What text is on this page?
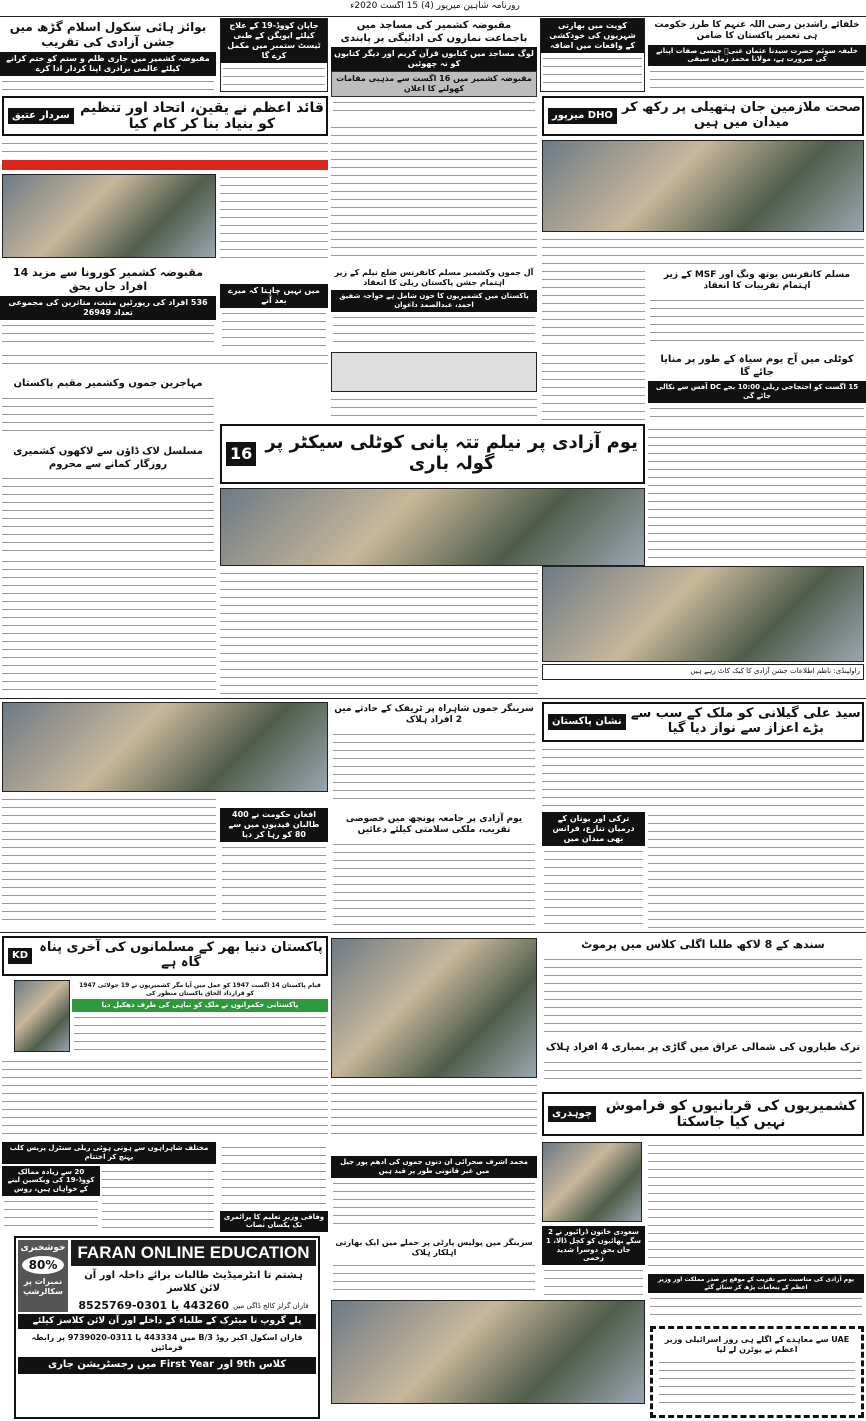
روزنامہ شاہین میرپور (4) 15 اگست 2020ء
بوائز ہائی سکول اسلام گڑھ میں جشن آزادی کی تقریب
مقبوضہ کشمیر میں جاری ظلم و ستم کو ختم کرانے کیلئے عالمی برادری اپنا کردار ادا کرے
جاپان کووڈ-19 کے علاج کیلئے ایویگن کے طبی ٹیسٹ ستمبر میں مکمل کرے گا
مقبوضہ کشمیر کی مساجد میں باجماعت نمازوں کی ادائیگی پر پابندی
لوگ مساجد میں کتابوں قرآن کریم اور دیگر کتابوں کو نہ چھوئیں
مقبوضہ کشمیر میں 16 اگست سے مذہبی مقامات کھولنے کا اعلان
کویت میں بھارتی شہریوں کی خودکشی کے واقعات میں اضافہ
خلفائے راشدین رضی اللہ عنہم کا طرز حکومت ہی تعمیر پاکستان کا ضامن
خلیفہ سوئم حضرت سیدنا عثمان غنیؓ جیسی صفات اپنانے کی ضرورت ہے، مولانا محمد زمان سیفی
قائد اعظم نے یقین، اتحاد اور تنظیم کو بنیاد بنا کر کام کیا
سردار عتیق
صحت ملازمین جان ہتھیلی پر رکھ کر میدان میں ہیں
DHO میرپور
مقبوضہ کشمیر کورونا سے مزید 14 افراد جاں بحق
536 افراد کی رپورٹیں مثبت، متاثرین کی مجموعی تعداد 26949
میں نہیں چاہتا کہ میرے بعد آنے
آل جموں وکشمیر مسلم کانفرنس ضلع نیلم کے زیر اہتمام جشن پاکستان ریلی کا انعقاد
پاکستان میں کشمیریوں کا خون شامل ہے خواجہ شفیق احمد، عبدالصمد داعوان
مسلم کانفرنس یوتھ ونگ اور MSF کے زیر اہتمام تقریبات کا انعقاد
کوٹلی میں آج یوم سیاہ کے طور پر منایا جائے گا
15 اگست کو احتجاجی ریلی 10:00 بجے DC آفس سے نکالی جائے گی
مہاجرین جموں وکشمیر مقیم پاکستان
یوم آزادی پر نیلم تتہ پانی کوٹلی سیکٹر پر گولہ باری
16
مسلسل لاک ڈاؤن سے لاکھوں کشمیری روزگار کمانے سے محروم
راولپنڈی: ناظم اطلاعات جشن آزادی کا کیک کاٹ رہے ہیں
سرینگر جموں شاہراہ پر ٹریفک کے حادثے میں 2 افراد ہلاک	سید علی گیلانی کو ملک کے سب سے بڑے اعزاز سے نواز دیا گیا
نشان پاکستان
افغان حکومت نے 400 طالبان قیدیوں میں سے 80 کو رہا کر دیا
یوم آزادی پر جامعہ پونچھ میں خصوصی تقریب، ملکی سلامتی کیلئے دعائیں
ترکی اور یونان کے درمیان تنازع، فرانس بھی میدان میں
پاکستان دنیا بھر کے مسلمانوں کی آخری پناہ گاہ ہے
KD
قیام پاکستان 14 اگست 1947 کو عمل میں آیا مگر کشمیریوں نے 19 جولائی 1947 کو قرارداد الحاق پاکستان منظور کی
پاکستانی حکمرانوں نے ملک کو تباہی کی طرف دھکیل دیا
سندھ کے 8 لاکھ طلبا اگلی کلاس میں پرموٹ
ترک طیاروں کی شمالی عراق میں گاڑی پر بمباری 4 افراد ہلاک
کشمیریوں کی قربانیوں کو فراموش نہیں کیا جاسکتا
چوہدری
مختلف شاہراہوں سے ہوتی ہوئی ریلی سنٹرل پریس کلب پہنچ کر اختتام
20 سے زیادہ ممالک کووڈ-19 کی ویکسین لینے کے خواہاں ہیں، روس
وفاقی وزیر تعلیم کا پرائمری تک یکساں نصاب
محمد اشرف صحرائی ان دنوں جموں کی ادھم پور جیل میں غیر قانونی طور پر قید ہیں
سرینگر میں پولیس پارٹی پر حملے میں ایک بھارتی اہلکار ہلاک
سعودی خاتون ڈرائیور نے 2 سگے بھائیوں کو کچل ڈالا، 1 جاں بحق دوسرا شدید زخمی
یوم آزادی کی مناسبت سے تقریب کے موقع پر صدر مملکت اور وزیر اعظم کے پیغامات پڑھ کر سنائے گئے
UAE سے معاہدے کے اگلے ہی روز اسرائیلی وزیر اعظم نے یوٹرن لے لیا
خوشخبری
80%
نمبرات پر سکالرشپ
FARAN ONLINE EDUCATION
ہشتم تا انٹرمیڈیٹ طالبات برائے داخلہ اور آن لائن کلاسز
فاران گرلز کالج ڈاگی میں
443260 یا 0301-8525769
پلے گروپ تا میٹرک کے طلباء کے داخلے اور آن لائن کلاسز کیلئے
فاران اسکول اکبر روڈ B/3 میں 443334 یا 0311-9739020 پر رابطہ فرمائیں
کلاس 9th اور First Year میں رجسٹریشن جاری
